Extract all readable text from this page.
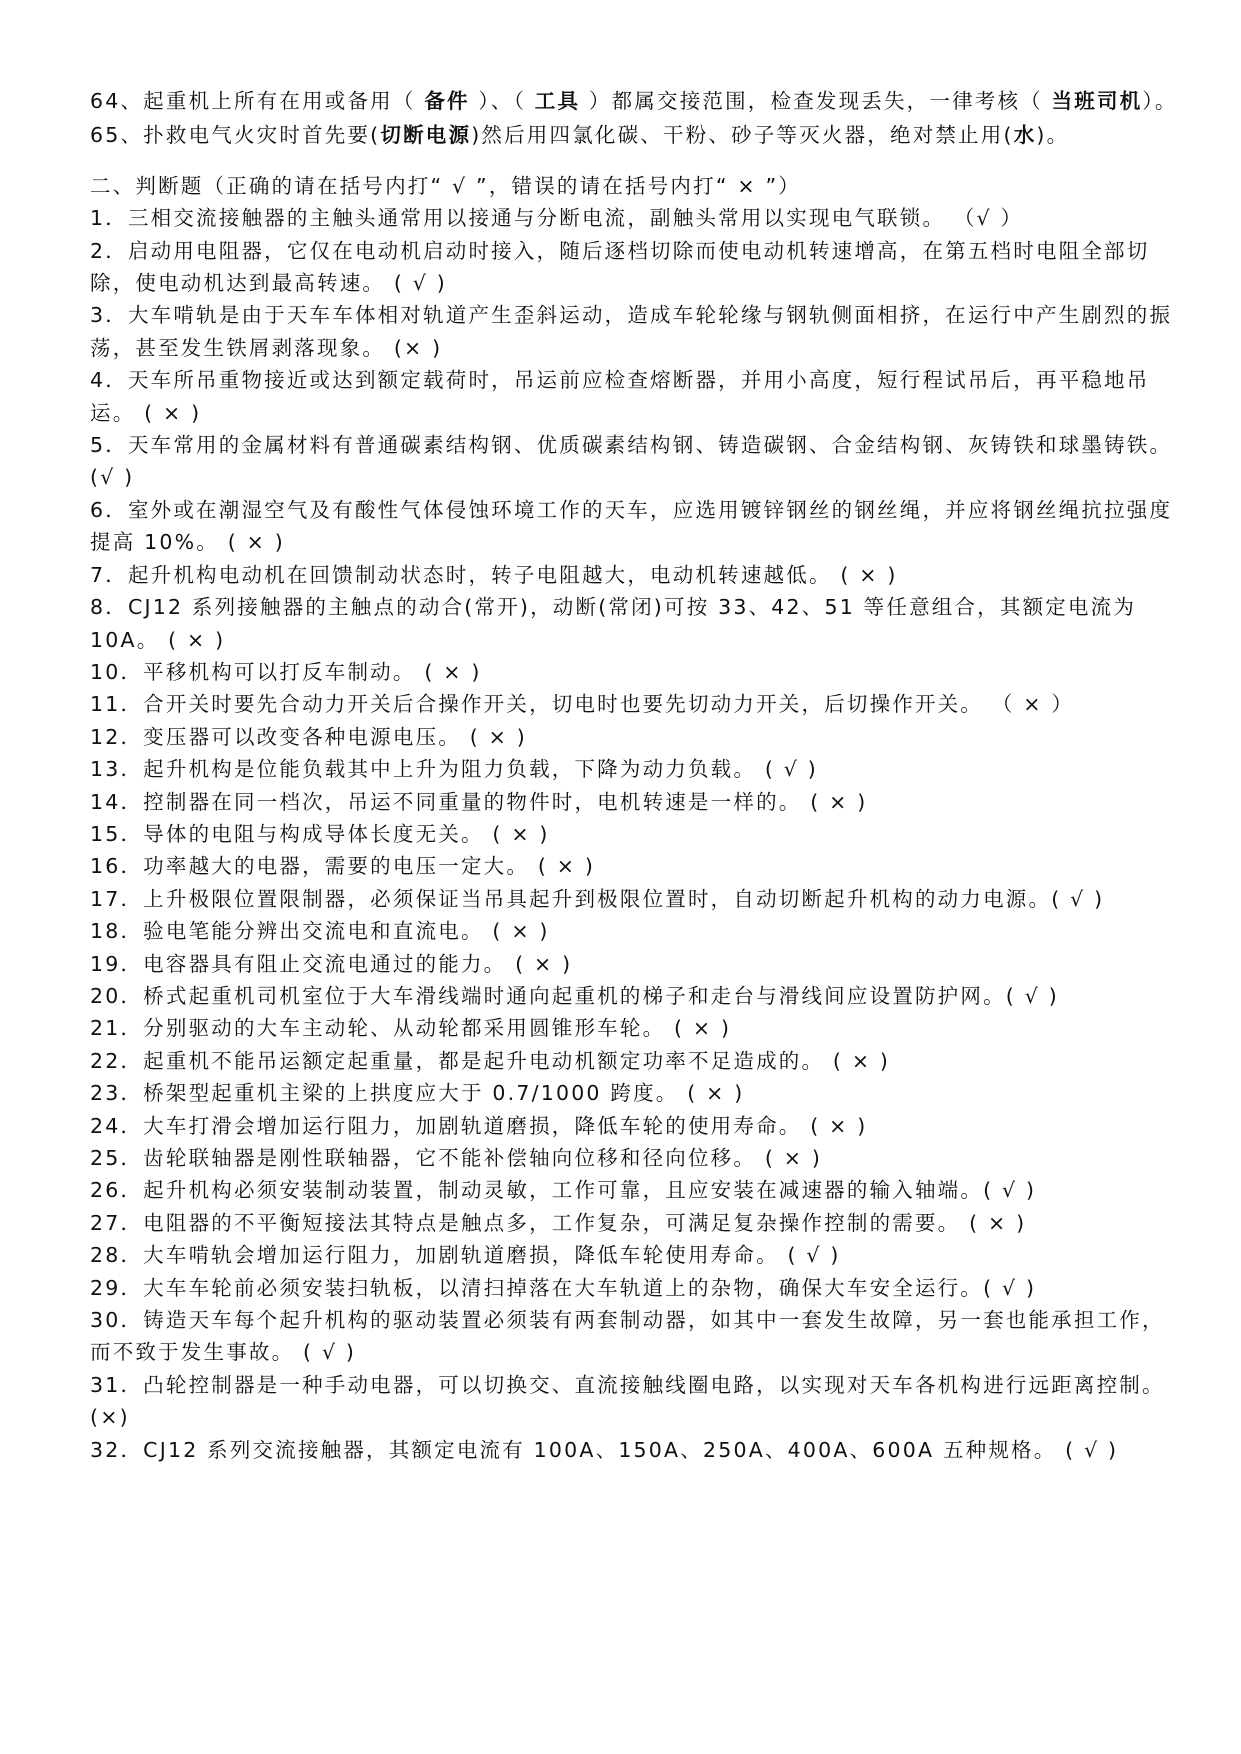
64、起重机上所有在用或备用（ 备件 ）、（ 工具 ）都属交接范围，检查发现丢失，一律考核（ 当班司机）。
65、扑救电气火灾时首先要(切断电源)然后用四氯化碳、干粉、砂子等灭火器，绝对禁止用(水)。
二、判断题（正确的请在括号内打“ √ ”，错误的请在括号内打“ × ”）
1．三相交流接触器的主触头通常用以接通与分断电流，副触头常用以实现电气联锁。 （√ ）
2．启动用电阻器，它仅在电动机启动时接入，随后逐档切除而使电动机转速增高，在第五档时电阻全部切除，使电动机达到最高转速。 ( √ )
3．大车啃轨是由于天车车体相对轨道产生歪斜运动，造成车轮轮缘与钢轨侧面相挤，在运行中产生剧烈的振荡，甚至发生铁屑剥落现象。 (× )
4．天车所吊重物接近或达到额定载荷时，吊运前应检查熔断器，并用小高度，短行程试吊后，再平稳地吊运。 ( × )
5．天车常用的金属材料有普通碳素结构钢、优质碳素结构钢、铸造碳钢、合金结构钢、灰铸铁和球墨铸铁。 (√ )
6．室外或在潮湿空气及有酸性气体侵蚀环境工作的天车，应选用镀锌钢丝的钢丝绳，并应将钢丝绳抗拉强度提高 10%。 ( × )
7．起升机构电动机在回馈制动状态时，转子电阻越大，电动机转速越低。 ( × )
8．CJ12 系列接触器的主触点的动合(常开)，动断(常闭)可按 33、42、51 等任意组合，其额定电流为 10A。 ( × )
10．平移机构可以打反车制动。 ( × )
11．合开关时要先合动力开关后合操作开关，切电时也要先切动力开关，后切操作开关。 （ × ）
12．变压器可以改变各种电源电压。 ( × )
13．起升机构是位能负载其中上升为阻力负载，下降为动力负载。 ( √ )
14．控制器在同一档次，吊运不同重量的物件时，电机转速是一样的。 ( × )
15．导体的电阻与构成导体长度无关。 ( × )
16．功率越大的电器，需要的电压一定大。 ( × )
17．上升极限位置限制器，必须保证当吊具起升到极限位置时，自动切断起升机构的动力电源。( √ )
18．验电笔能分辨出交流电和直流电。 ( × )
19．电容器具有阻止交流电通过的能力。 ( × )
20．桥式起重机司机室位于大车滑线端时通向起重机的梯子和走台与滑线间应设置防护网。( √ )
21．分别驱动的大车主动轮、从动轮都采用圆锥形车轮。 ( × )
22．起重机不能吊运额定起重量，都是起升电动机额定功率不足造成的。 ( × )
23．桥架型起重机主梁的上拱度应大于 0.7/1000 跨度。 ( × )
24．大车打滑会增加运行阻力，加剧轨道磨损，降低车轮的使用寿命。 ( × )
25．齿轮联轴器是刚性联轴器，它不能补偿轴向位移和径向位移。 ( × )
26．起升机构必须安装制动装置，制动灵敏，工作可靠，且应安装在减速器的输入轴端。( √ )
27．电阻器的不平衡短接法其特点是触点多，工作复杂，可满足复杂操作控制的需要。 ( × )
28．大车啃轨会增加运行阻力，加剧轨道磨损，降低车轮使用寿命。 ( √ )
29．大车车轮前必须安装扫轨板，以清扫掉落在大车轨道上的杂物，确保大车安全运行。( √ )
30．铸造天车每个起升机构的驱动装置必须装有两套制动器，如其中一套发生故障，另一套也能承担工作，而不致于发生事故。 ( √ )
31．凸轮控制器是一种手动电器，可以切换交、直流接触线圈电路，以实现对天车各机构进行远距离控制。 (×)
32．CJ12 系列交流接触器，其额定电流有 100A、150A、250A、400A、600A 五种规格。 ( √ )
